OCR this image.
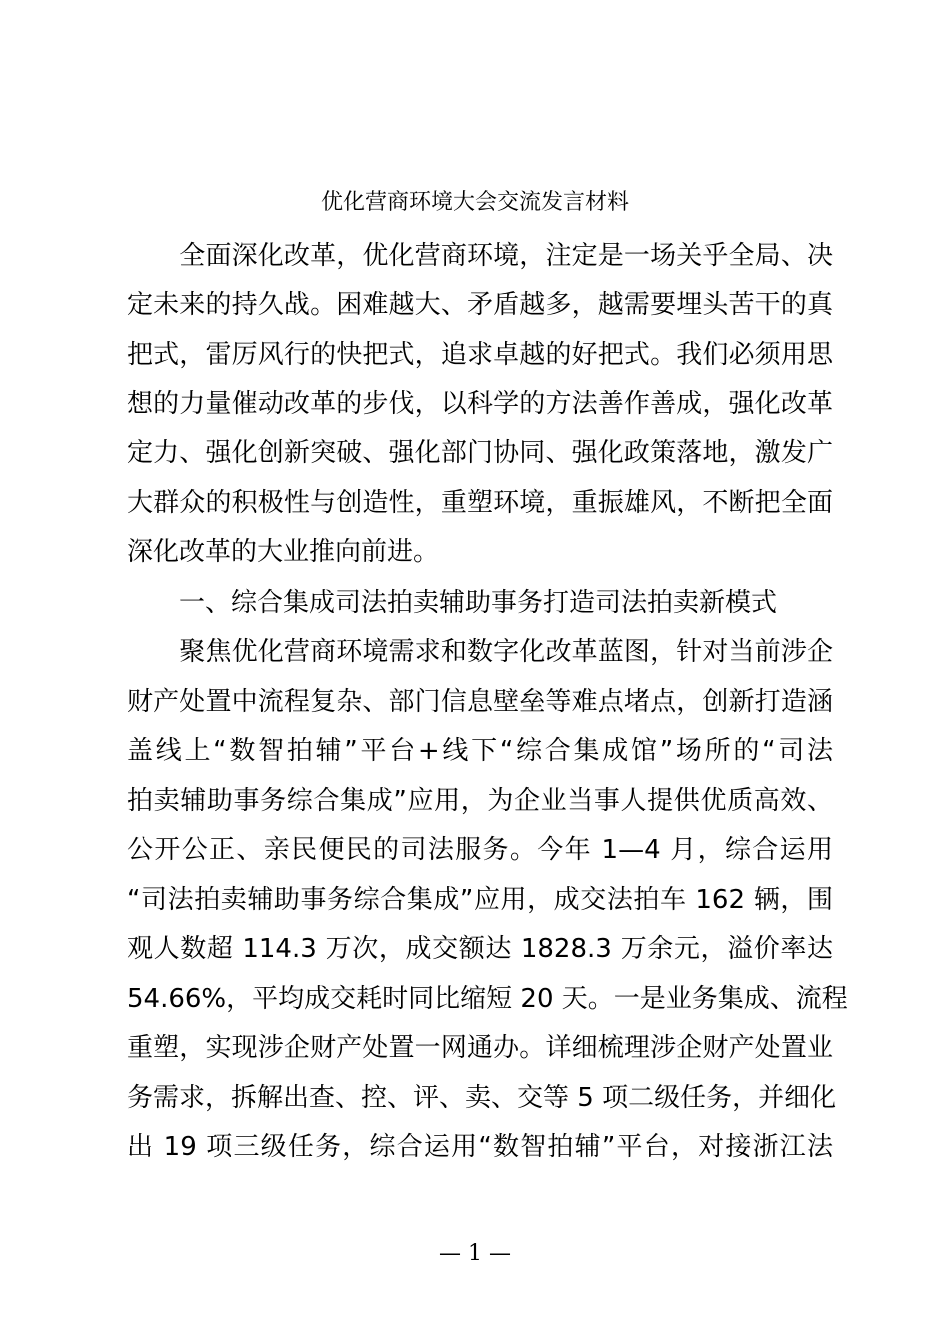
优化营商环境大会交流发言材料
　　全面深化改革，优化营商环境，注定是一场关乎全局、决
定未来的持久战。困难越大、矛盾越多，越需要埋头苦干的真
把式，雷厉风行的快把式，追求卓越的好把式。我们必须用思
想的力量催动改革的步伐，以科学的方法善作善成，强化改革
定力、强化创新突破、强化部门协同、强化政策落地，激发广
大群众的积极性与创造性，重塑环境，重振雄风，不断把全面
深化改革的大业推向前进。
　　一、综合集成司法拍卖辅助事务打造司法拍卖新模式
　　聚焦优化营商环境需求和数字化改革蓝图，针对当前涉企
财产处置中流程复杂、部门信息壁垒等难点堵点，创新打造涵
盖线上“数智拍辅”平台+线下“综合集成馆”场所的“司法
拍卖辅助事务综合集成”应用，为企业当事人提供优质高效、
公开公正、亲民便民的司法服务。今年 1—4 月，综合运用
“司法拍卖辅助事务综合集成”应用，成交法拍车 162 辆，围
观人数超 114.3 万次，成交额达 1828.3 万余元，溢价率达
54.66%，平均成交耗时同比缩短 20 天。一是业务集成、流程
重塑，实现涉企财产处置一网通办。详细梳理涉企财产处置业
务需求，拆解出查、控、评、卖、交等 5 项二级任务，并细化
出 19 项三级任务，综合运用“数智拍辅”平台，对接浙江法
— 1 —
